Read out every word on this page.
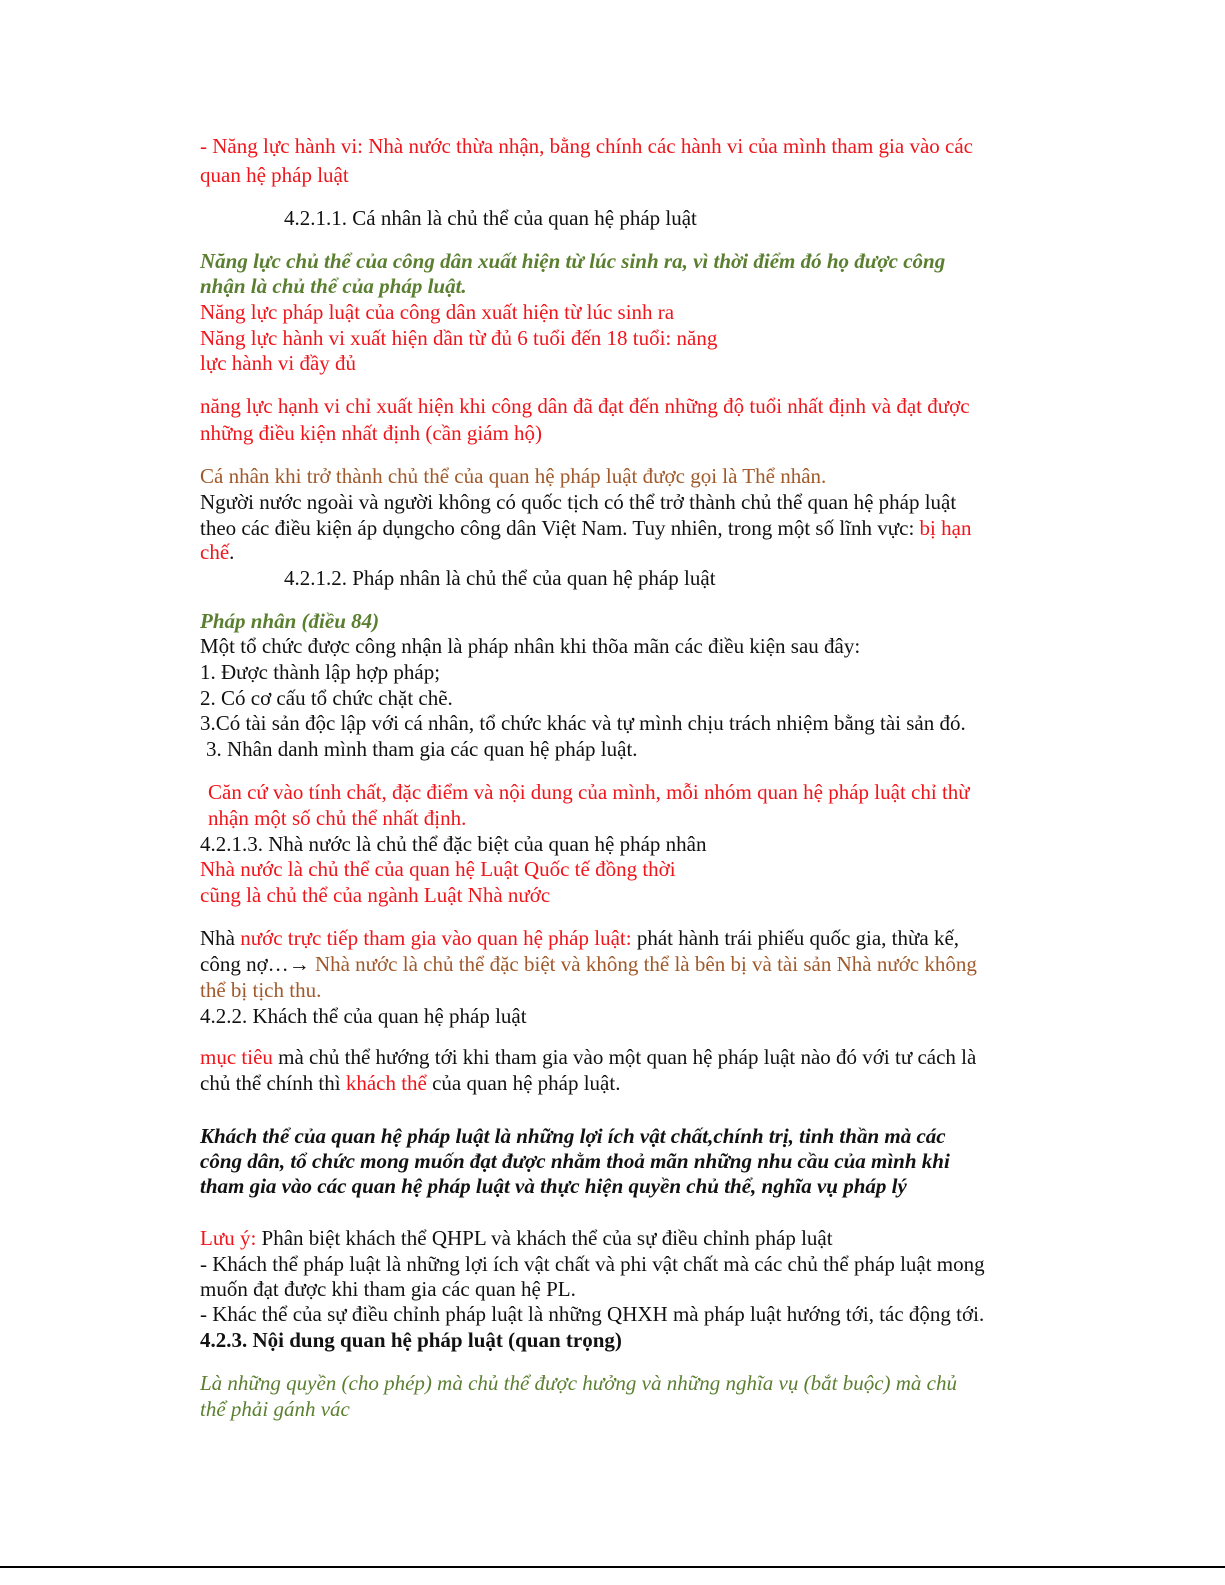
- Năng lực hành vi: Nhà nước thừa nhận, bằng chính các hành vi của mình tham gia vào các
quan hệ pháp luật
4.2.1.1. Cá nhân là chủ thể của quan hệ pháp luật
Năng lực chủ thể của công dân xuất hiện từ lúc sinh ra, vì thời điểm đó họ được công
nhận là chủ thể của pháp luật.
Năng lực pháp luật của công dân xuất hiện từ lúc sinh ra
Năng lực hành vi xuất hiện dần từ đủ 6 tuổi đến 18 tuổi: năng
lực hành vi đầy đủ
năng lực hạnh vi chỉ xuất hiện khi công dân đã đạt đến những độ tuổi nhất định và đạt được
những điều kiện nhất định (cần giám hộ)
Cá nhân khi trở thành chủ thể của quan hệ pháp luật được gọi là Thể nhân.
Người nước ngoài và người không có quốc tịch có thể trở thành chủ thể quan hệ pháp luật
theo các điều kiện áp dụngcho công dân Việt Nam. Tuy nhiên, trong một số lĩnh vực: bị hạn
chế.
4.2.1.2. Pháp nhân là chủ thể của quan hệ pháp luật
Pháp nhân (điều 84)
Một tổ chức được công nhận là pháp nhân khi thõa mãn các điều kiện sau đây:
1. Được thành lập hợp pháp;
2. Có cơ cấu tổ chức chặt chẽ.
3.Có tài sản độc lập với cá nhân, tổ chức khác và tự mình chịu trách nhiệm bằng tài sản đó.
3. Nhân danh mình tham gia các quan hệ pháp luật.
Căn cứ vào tính chất, đặc điểm và nội dung của mình, mỗi nhóm quan hệ pháp luật chỉ thừ
nhận một số chủ thể nhất định.
4.2.1.3. Nhà nước là chủ thể đặc biệt của quan hệ pháp nhân
Nhà nước là chủ thể của quan hệ Luật Quốc tế đồng thời
cũng là chủ thể của ngành Luật Nhà nước
Nhà nước trực tiếp tham gia vào quan hệ pháp luật: phát hành trái phiếu quốc gia, thừa kế,
công nợ…→ Nhà nước là chủ thể đặc biệt và không thể là bên bị và tài sản Nhà nước không
thể bị tịch thu.
4.2.2. Khách thể của quan hệ pháp luật
mục tiêu mà chủ thể hướng tới khi tham gia vào một quan hệ pháp luật nào đó với tư cách là
chủ thể chính thì khách thể của quan hệ pháp luật.
Khách thể của quan hệ pháp luật là những lợi ích vật chất,chính trị, tinh thần mà các
công dân, tổ chức mong muốn đạt được nhằm thoả mãn những nhu cầu của mình khi
tham gia vào các quan hệ pháp luật và thực hiện quyền chủ thể, nghĩa vụ pháp lý
Lưu ý: Phân biệt khách thể QHPL và khách thể của sự điều chỉnh pháp luật
- Khách thể pháp luật là những lợi ích vật chất và phi vật chất mà các chủ thể pháp luật mong
muốn đạt được khi tham gia các quan hệ PL.
- Khác thể của sự điều chỉnh pháp luật là những QHXH mà pháp luật hướng tới, tác động tới.
4.2.3. Nội dung quan hệ pháp luật (quan trọng)
Là những quyền (cho phép) mà chủ thể được hưởng và những nghĩa vụ (bắt buộc) mà chủ
thể phải gánh vác
